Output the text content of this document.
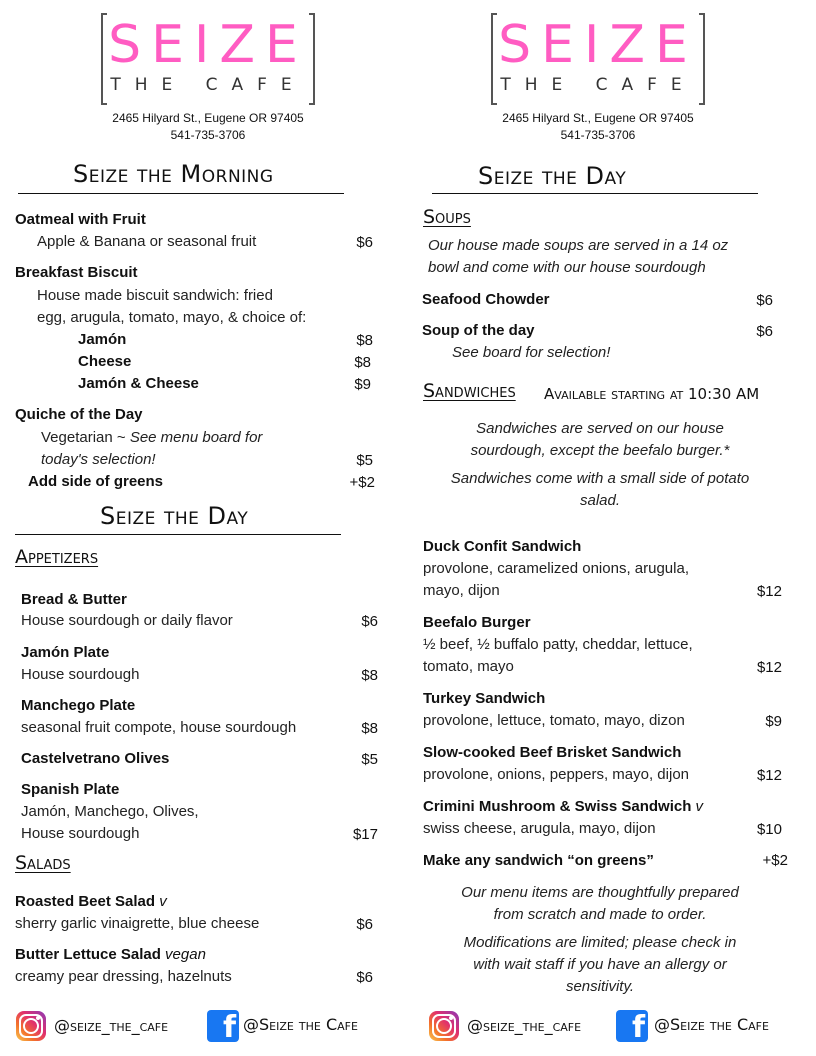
SEIZE
THE CAFE
2465 Hilyard St., Eugene OR 97405
541-735-3706
SEIZE
THE CAFE
2465 Hilyard St., Eugene OR 97405
541-735-3706
Seize the Morning
Oatmeal with Fruit
Apple & Banana or seasonal fruit	$6
Breakfast Biscuit
House made biscuit sandwich: fried
egg, arugula, tomato, mayo, & choice of:
Jamón	$8
Cheese	$8
Jamón & Cheese	$9
Quiche of the Day
Vegetarian ~ See menu board for
today's selection!	$5
Add side of greens	+$2
Seize the Day
Appetizers
Bread & Butter
House sourdough or daily flavor	$6
Jamón Plate
House sourdough	$8
Manchego Plate
seasonal fruit compote, house sourdough	$8
Castelvetrano Olives	$5
Spanish Plate
Jamón, Manchego, Olives,
House sourdough	$17
Salads
Roasted Beet Salad v
sherry garlic vinaigrette, blue cheese	$6
Butter Lettuce Salad vegan
creamy pear dressing, hazelnuts	$6
@seize_the_cafe	f @Seize the Cafe
Seize the Day
Soups
Our house made soups are served in a 14 oz
bowl and come with our house sourdough
Seafood Chowder	$6
Soup of the day	$6
See board for selection!
Sandwiches Available starting at 10:30 AM
Sandwiches are served on our house
sourdough, except the beefalo burger.*
Sandwiches come with a small side of potato
salad.
Duck Confit Sandwich
provolone, caramelized onions, arugula,
mayo, dijon	$12
Beefalo Burger
½ beef, ½ buffalo patty, cheddar, lettuce,
tomato, mayo	$12
Turkey Sandwich
provolone, lettuce, tomato, mayo, dizon	$9
Slow-cooked Beef Brisket Sandwich
provolone, onions, peppers, mayo, dijon	$12
Crimini Mushroom & Swiss Sandwich v
swiss cheese, arugula, mayo, dijon	$10
Make any sandwich “on greens”	+$2
Our menu items are thoughtfully prepared
from scratch and made to order.
Modifications are limited; please check in
with wait staff if you have an allergy or
sensitivity.
@seize_the_cafe	f @Seize the Cafe
